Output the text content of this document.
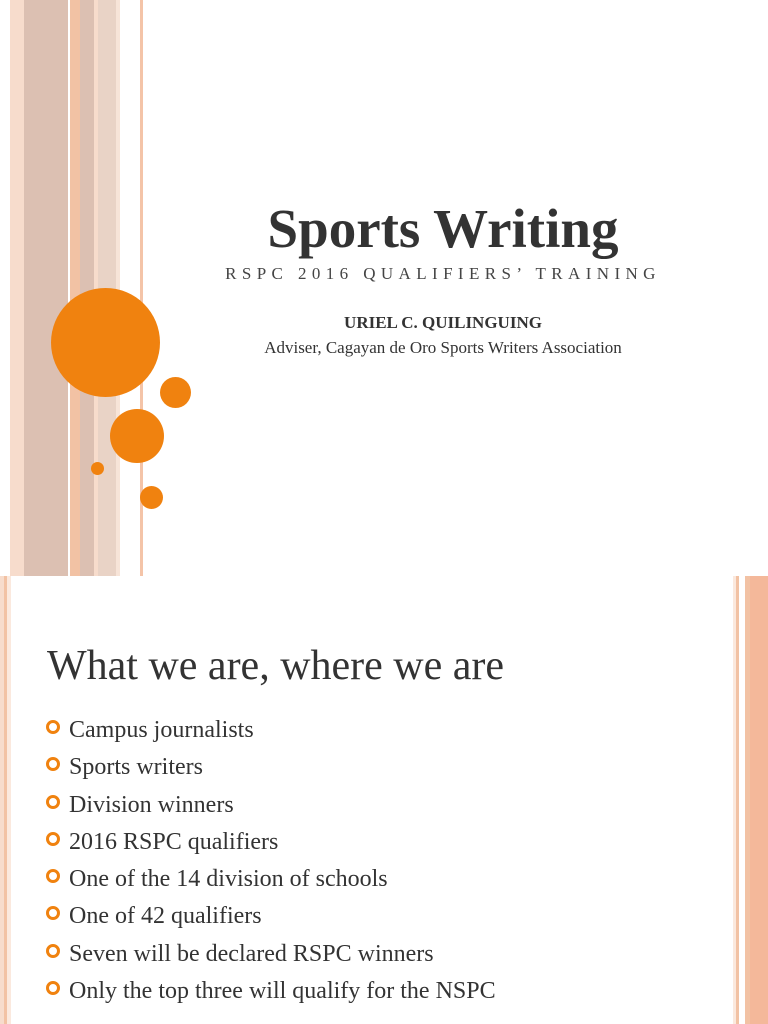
Sports Writing
RSPC 2016 QUALIFIERS’ TRAINING
URIEL C. QUILINGUING
Adviser, Cagayan de Oro Sports Writers Association
What we are, where we are
Campus journalists
Sports writers
Division winners
2016 RSPC qualifiers
One of the 14 division of schools
One of 42 qualifiers
Seven will be declared RSPC winners
Only the top three will qualify for the NSPC
